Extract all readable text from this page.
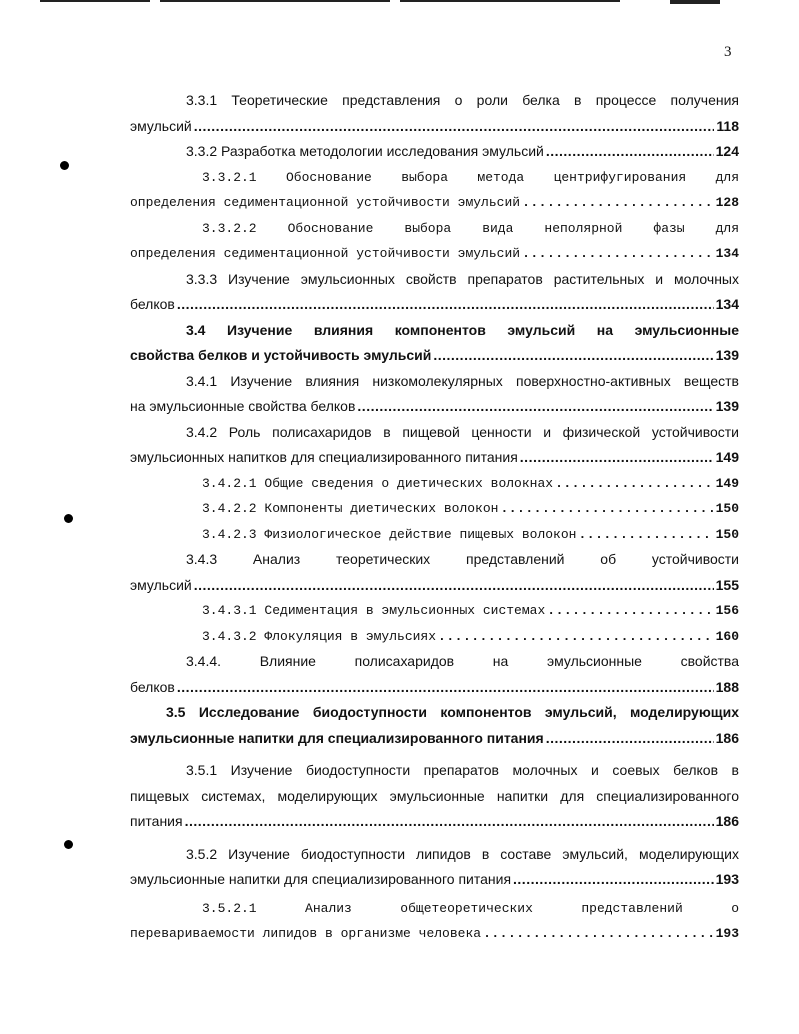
3
3.3.1 Теоретические представления о роли белка в процессе получения
эмульсий .....	118
3.3.2 Разработка методологии исследования эмульсий .....	124
3.3.2.1 Обоснование выбора метода центрифугирования для
определения седиментационной устойчивости эмульсий .....	128
3.3.2.2 Обоснование выбора вида неполярной фазы для
определения седиментационной устойчивости эмульсий .....	134
3.3.3 Изучение эмульсионных свойств препаратов растительных и молочных
белков .....	134
3.4 Изучение влияния компонентов эмульсий на эмульсионные
свойства белков и устойчивость эмульсий .....	139
3.4.1 Изучение влияния низкомолекулярных поверхностно-активных веществ
на эмульсионные свойства белков .....	139
3.4.2 Роль полисахаридов в пищевой ценности и физической устойчивости
эмульсионных напитков для специализированного питания .....	149
3.4.2.1 Общие сведения о диетических волокнах .....	149
3.4.2.2 Компоненты диетических волокон .....	150
3.4.2.3 Физиологическое действие пищевых волокон .....	150
3.4.3 Анализ теоретических представлений об устойчивости
эмульсий .....	155
3.4.3.1 Седиментация в эмульсионных системах .....	156
3.4.3.2 Флокуляция в эмульсиях .....	160
3.4.4. Влияние полисахаридов на эмульсионные свойства
белков .....	188
3.5 Исследование биодоступности компонентов эмульсий, моделирующих
эмульсионные напитки для специализированного питания .....	186
3.5.1 Изучение биодоступности препаратов молочных и соевых белков в
пищевых системах, моделирующих эмульсионные напитки для специализированного
питания .....	186
3.5.2 Изучение биодоступности липидов в составе эмульсий, моделирующих
эмульсионные напитки для специализированного питания .....	193
3.5.2.1 Анализ общетеоретических представлений о
перевариваемости липидов в организме человека .....	193
